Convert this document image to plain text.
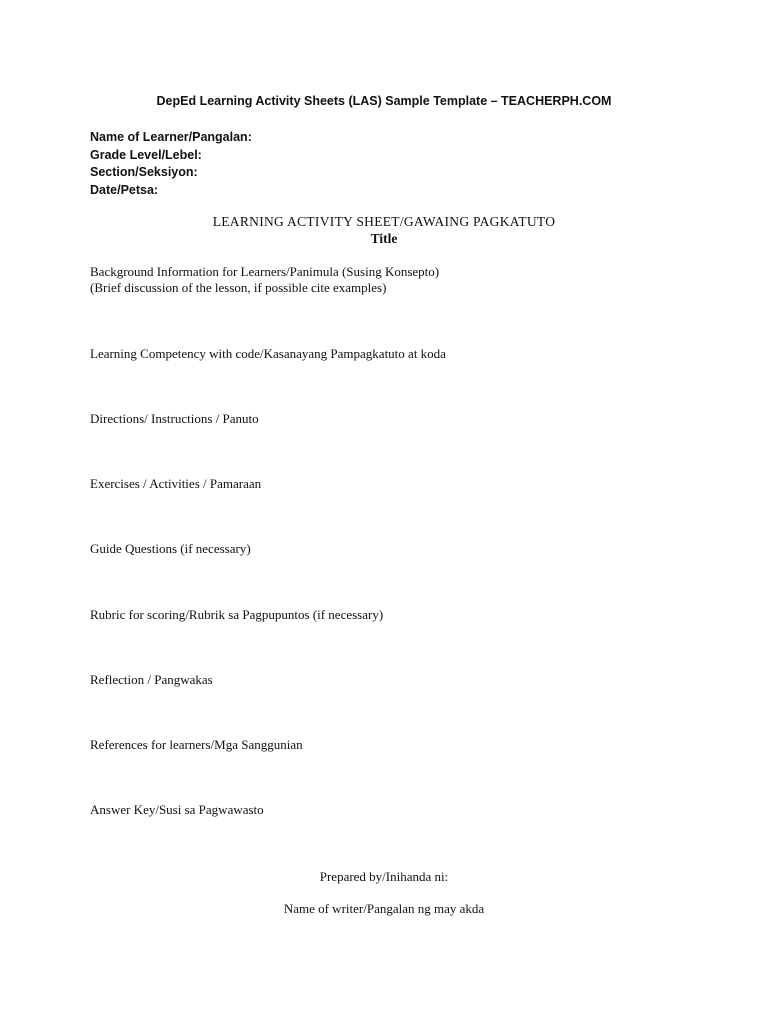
DepEd Learning Activity Sheets (LAS) Sample Template – TEACHERPH.COM
Name of Learner/Pangalan:
Grade Level/Lebel:
Section/Seksiyon:
Date/Petsa:
LEARNING ACTIVITY SHEET/GAWAING PAGKATUTO
Title
Background Information for Learners/Panimula (Susing Konsepto)
(Brief discussion of the lesson, if possible cite examples)
Learning Competency with code/Kasanayang Pampagkatuto at koda
Directions/ Instructions / Panuto
Exercises / Activities / Pamaraan
Guide Questions (if necessary)
Rubric for scoring/Rubrik sa Pagpupuntos (if necessary)
Reflection / Pangwakas
References for learners/Mga Sanggunian
Answer Key/Susi sa Pagwawasto
Prepared by/Inihanda ni:
Name of writer/Pangalan ng may akda
